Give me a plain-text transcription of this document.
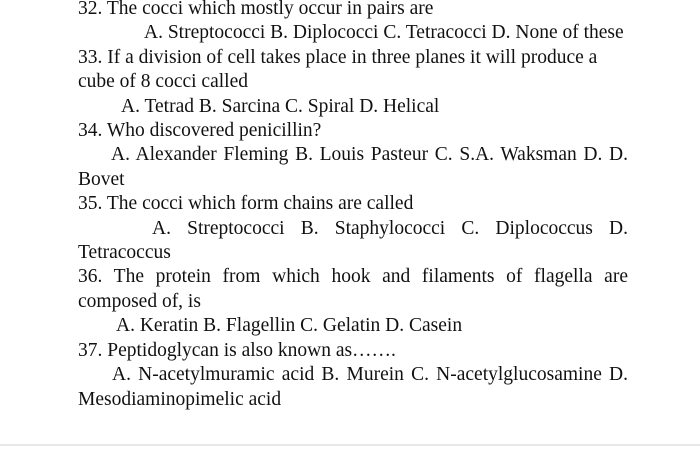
32. The cocci which mostly occur in pairs are
A. Streptococci B. Diplococci C. Tetracocci D. None of these
33. If a division of cell takes place in three planes it will produce a cube of 8 cocci called
A. Tetrad B. Sarcina C. Spiral D. Helical
34. Who discovered penicillin?
A. Alexander Fleming B. Louis Pasteur C. S.A. Waksman D. D. Bovet
35. The cocci which form chains are called
A. Streptococci B. Staphylococci C. Diplococcus D. Tetracoccus
36. The protein from which hook and filaments of flagella are composed of, is
A. Keratin B. Flagellin C. Gelatin D. Casein
37. Peptidoglycan is also known as…….
A. N-acetylmuramic acid B. Murein C. N-acetylglucosamine D. Mesodiaminopimelic acid
